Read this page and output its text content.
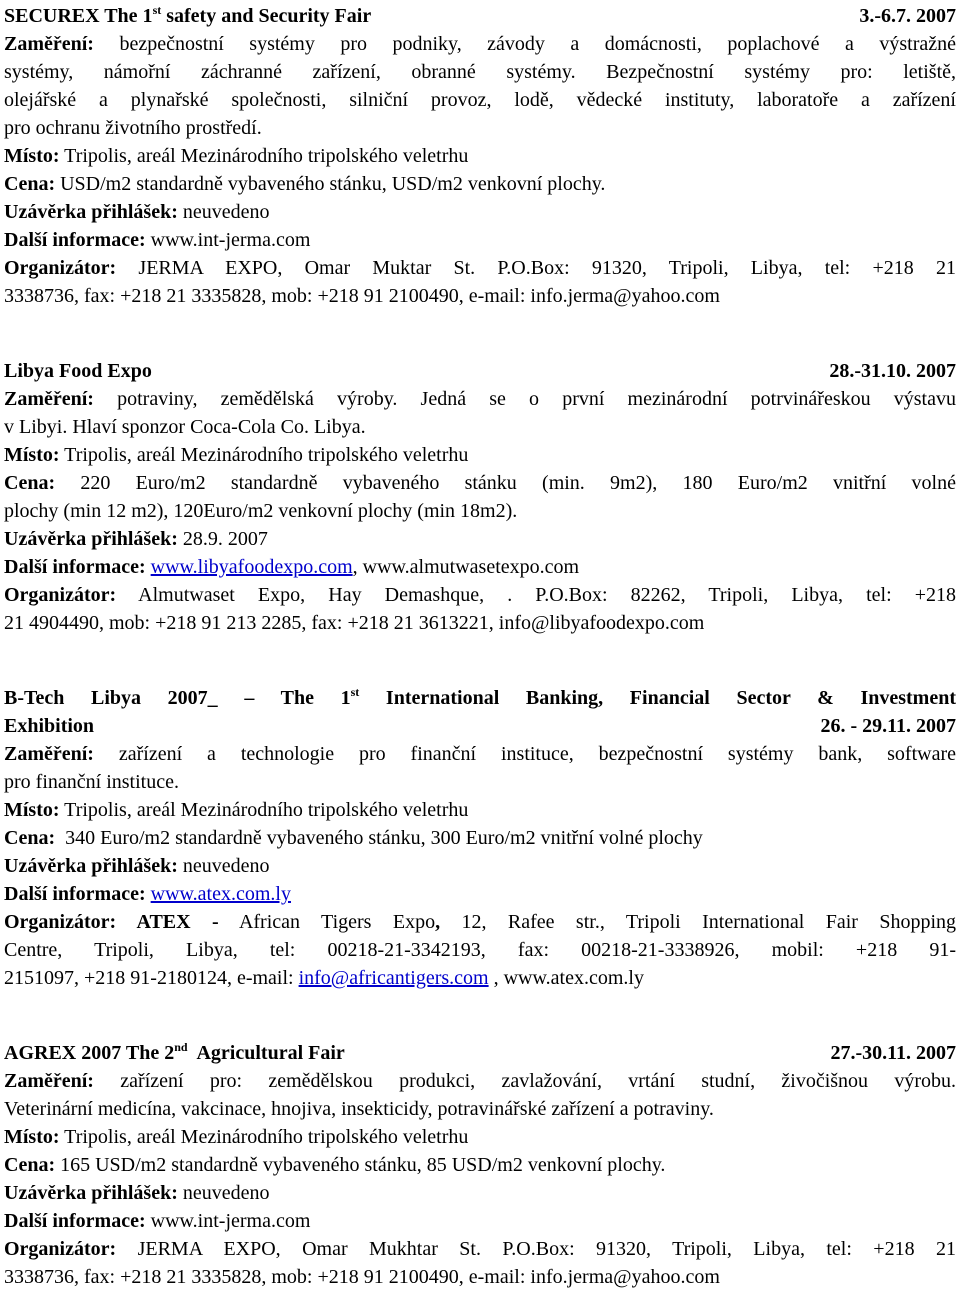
SECUREX The 1st safety and Security Fair	3.-6.7. 2007
Zaměření: bezpečnostní systémy pro podniky, závody a domácnosti, poplachové a výstražné
systémy, námořní záchranné zařízení, obranné systémy. Bezpečnostní systémy pro: letiště,
olejářské a plynařské společnosti, silniční provoz, lodě, vědecké instituty, laboratoře a zařízení
pro ochranu životního prostředí.
Místo: Tripolis, areál Mezinárodního tripolského veletrhu
Cena: USD/m2 standardně vybaveného stánku, USD/m2 venkovní plochy.
Uzávěrka přihlášek: neuvedeno
Další informace: www.int-jerma.com
Organizátor: JERMA EXPO, Omar Muktar St. P.O.Box: 91320, Tripoli, Libya, tel: +218 21
3338736, fax: +218 21 3335828, mob: +218 91 2100490, e-mail: info.jerma@yahoo.com
Libya Food Expo	28.-31.10. 2007
Zaměření: potraviny, zemědělská výroby. Jedná se o první mezinárodní potrvinářeskou výstavu
v Libyi. Hlaví sponzor Coca-Cola Co. Libya.
Místo: Tripolis, areál Mezinárodního tripolského veletrhu
Cena: 220 Euro/m2 standardně vybaveného stánku (min. 9m2), 180 Euro/m2 vnitřní volné
plochy (min 12 m2), 120Euro/m2 venkovní plochy (min 18m2).
Uzávěrka přihlášek: 28.9. 2007
Další informace: www.libyafoodexpo.com, www.almutwasetexpo.com
Organizátor: Almutwaset Expo, Hay Demashque, . P.O.Box: 82262, Tripoli, Libya, tel: +218
21 4904490, mob: +218 91 213 2285, fax: +218 21 3613221, info@libyafoodexpo.com
B-Tech Libya 2007_ – The 1st International Banking, Financial Sector & Investment
Exhibition	26. - 29.11. 2007
Zaměření: zařízení a technologie pro finanční instituce, bezpečnostní systémy bank, software
pro finanční instituce.
Místo: Tripolis, areál Mezinárodního tripolského veletrhu
Cena:  340 Euro/m2 standardně vybaveného stánku, 300 Euro/m2 vnitřní volné plochy
Uzávěrka přihlášek: neuvedeno
Další informace: www.atex.com.ly
Organizátor: ATEX - African Tigers Expo, 12, Rafee str., Tripoli International Fair Shopping
Centre, Tripoli, Libya, tel: 00218-21-3342193, fax: 00218-21-3338926, mobil: +218 91-
2151097, +218 91-2180124, e-mail: info@africantigers.com , www.atex.com.ly
AGREX 2007 The 2nd  Agricultural Fair	27.-30.11. 2007
Zaměření: zařízení pro: zemědělskou produkci, zavlažování, vrtání studní, živočišnou výrobu.
Veterinární medicína, vakcinace, hnojiva, insekticidy, potravinářské zařízení a potraviny.
Místo: Tripolis, areál Mezinárodního tripolského veletrhu
Cena: 165 USD/m2 standardně vybaveného stánku, 85 USD/m2 venkovní plochy.
Uzávěrka přihlášek: neuvedeno
Další informace: www.int-jerma.com
Organizátor: JERMA EXPO, Omar Mukhtar St. P.O.Box: 91320, Tripoli, Libya, tel: +218 21
3338736, fax: +218 21 3335828, mob: +218 91 2100490, e-mail: info.jerma@yahoo.com
